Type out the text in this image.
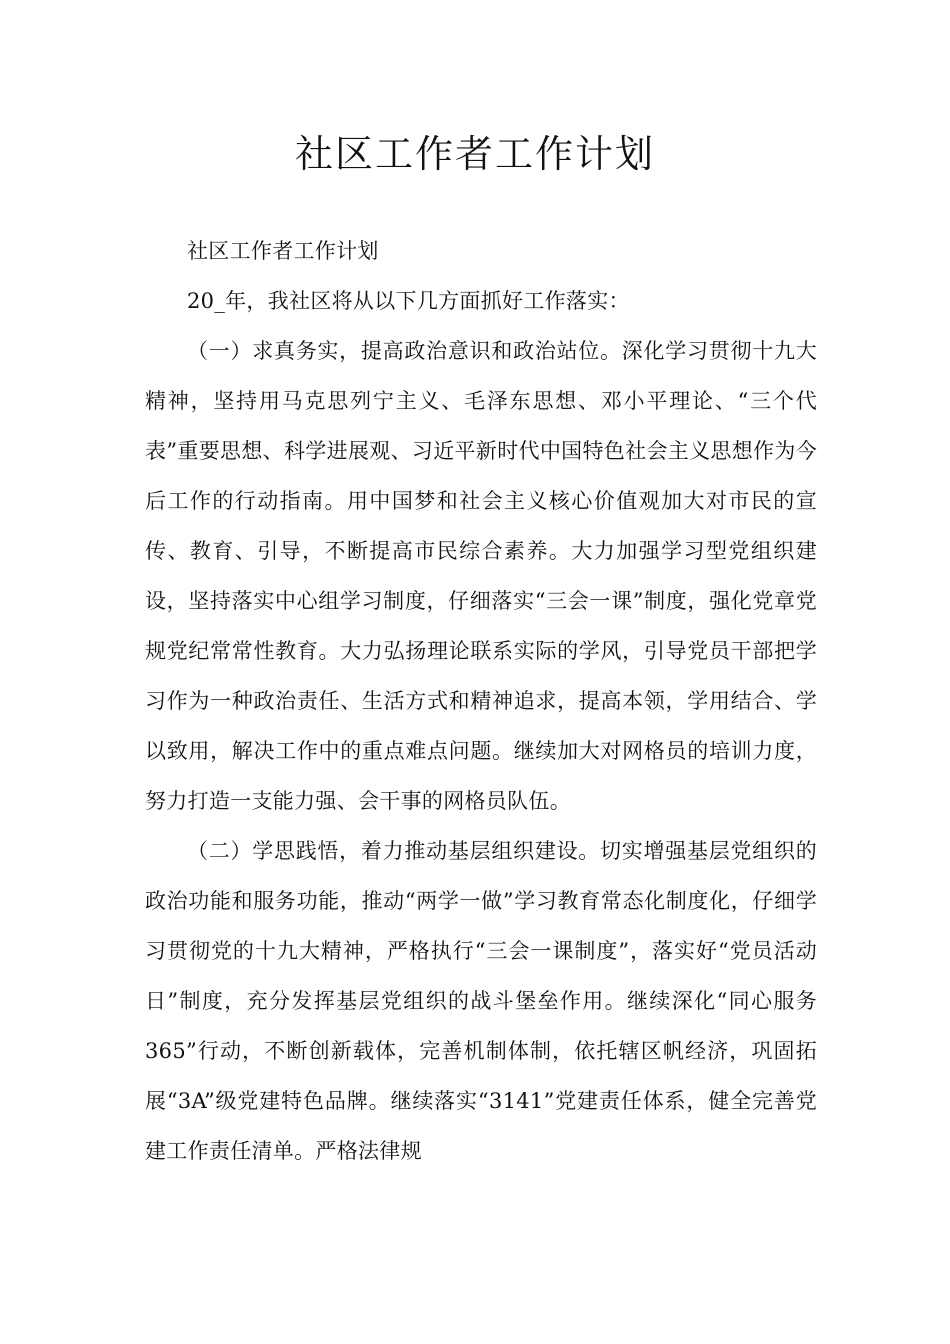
社区工作者工作计划

社区工作者工作计划

20_年，我社区将从以下几方面抓好工作落实：

（一）求真务实，提高政治意识和政治站位。深化学习贯彻十九大精神，坚持用马克思列宁主义、毛泽东思想、邓小平理论、“三个代表”重要思想、科学进展观、习近平新时代中国特色社会主义思想作为今后工作的行动指南。用中国梦和社会主义核心价值观加大对市民的宣传、教育、引导，不断提高市民综合素养。大力加强学习型党组织建设，坚持落实中心组学习制度，仔细落实“三会一课”制度，强化党章党规党纪常常性教育。大力弘扬理论联系实际的学风，引导党员干部把学习作为一种政治责任、生活方式和精神追求，提高本领，学用结合、学以致用，解决工作中的重点难点问题。继续加大对网格员的培训力度，努力打造一支能力强、会干事的网格员队伍。

（二）学思践悟，着力推动基层组织建设。切实增强基层党组织的政治功能和服务功能，推动“两学一做”学习教育常态化制度化，仔细学习贯彻党的十九大精神，严格执行“三会一课制度”，落实好“党员活动日”制度，充分发挥基层党组织的战斗堡垒作用。继续深化“同心服务365”行动，不断创新载体，完善机制体制，依托辖区帆经济，巩固拓展“3A”级党建特色品牌。继续落实“3141”党建责任体系，健全完善党建工作责任清单。严格法律规
